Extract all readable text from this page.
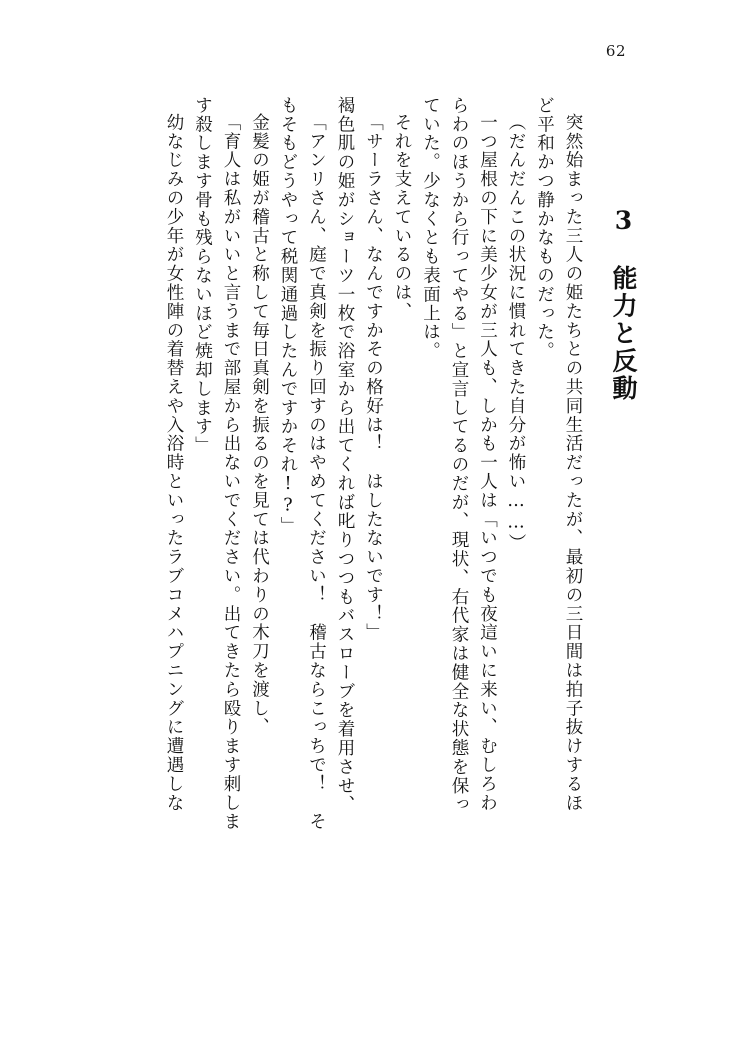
62
3　能力と反動
突然始まった三人の姫たちとの共同生活だったが、最初の三日間は拍子抜けするほ
ど平和かつ静かなものだった。
（だんだんこの状況に慣れてきた自分が怖い……）
一つ屋根の下に美少女が三人も、しかも一人は「いつでも夜這いに来い、むしろわ
らわのほうから行ってやる」と宣言してるのだが、現状、右代家は健全な状態を保っ
ていた。少なくとも表面上は。
それを支えているのは、
「サーラさん、なんですかその格好は！　はしたないです！」
褐色肌の姫がショーツ一枚で浴室から出てくれば叱りつつもバスローブを着用させ、
「アンリさん、庭で真剣を振り回すのはやめてください！　稽古ならこっちで！　そ
もそもどうやって税関通過したんですかそれ!?」
金髪の姫が稽古と称して毎日真剣を振るのを見ては代わりの木刀を渡し、
「育人は私がいいと言うまで部屋から出ないでください。出てきたら殴ります刺しま
す殺します骨も残らないほど焼却します」
幼なじみの少年が女性陣の着替えや入浴時といったラブコメハプニングに遭遇しな
